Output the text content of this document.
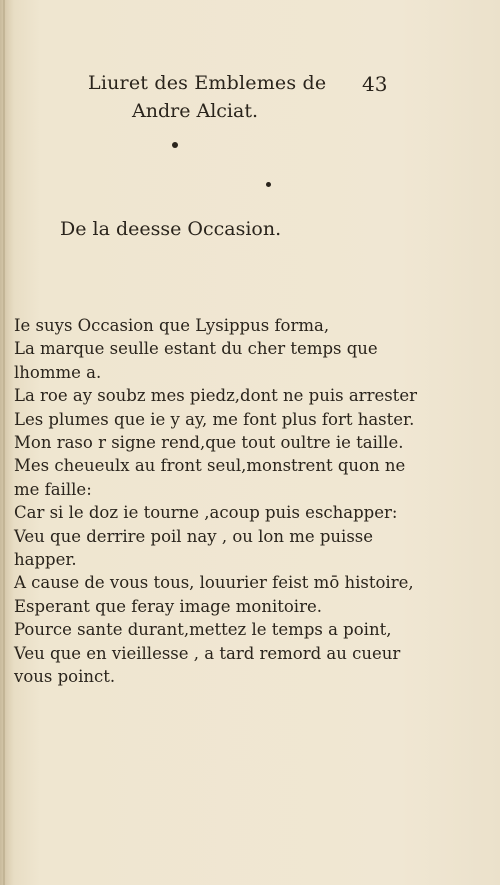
Liuret des Emblemes de 43
Andre Alciat.
De la deesse Occasion.
Ie suys Occasion que Lysippus forma,
La marque seulle estant du cher temps que
lhomme a.
La roe ay soubz mes piedz,dont ne puis arrester
Les plumes que ie y ay, me font plus fort haster.
Mon raso r signe rend,que tout oultre ie taille.
Mes cheueulx au front seul,monstrent quon ne
me faille:
Car si le doz ie tourne ,acoup puis eschapper:
Veu que derrire poil nay , ou lon me puisse
happer.
A cause de vous tous, louurier feist mō histoire,
Esperant que feray image monitoire.
Pource sante durant,mettez le temps a point,
Veu que en vieillesse , a tard remord au cueur
vous poinct.
